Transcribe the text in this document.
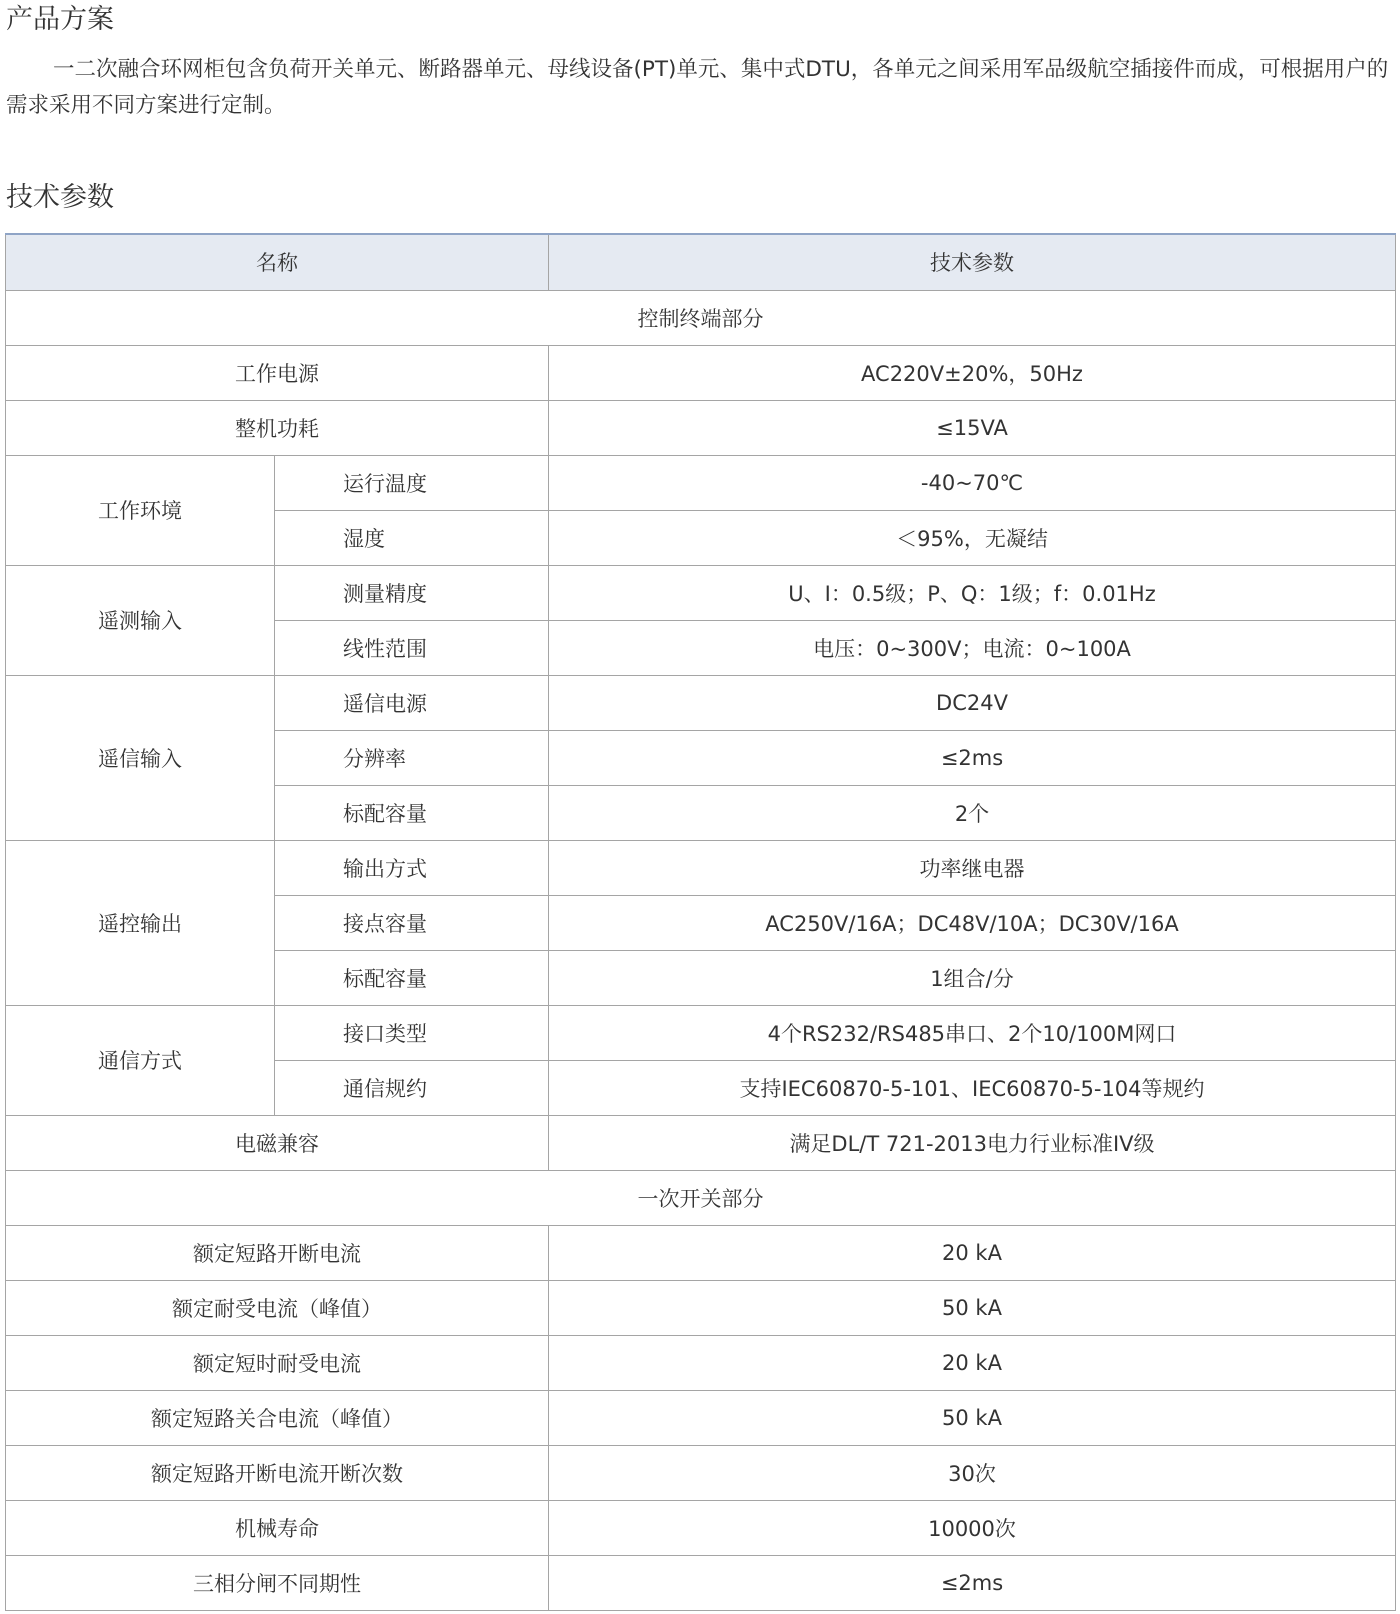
产品方案

一二次融合环网柜包含负荷开关单元、断路器单元、母线设备(PT)单元、集中式DTU，各单元之间采用军品级航空插接件而成，可根据用户的需求采用不同方案进行定制。

技术参数
名称		技术参数
控制终端部分		
工作电源		AC220V±20%，50Hz
整机功耗		≤15VA
工作环境	运行温度	-40~70℃
	湿度	＜95%，无凝结
遥测输入	测量精度	U、I：0.5级；P、Q：1级；f：0.01Hz
	线性范围	电压：0~300V；电流：0~100A
遥信输入	遥信电源	DC24V
	分辨率	≤2ms
	标配容量	2个
遥控输出	输出方式	功率继电器
	接点容量	AC250V/16A；DC48V/10A；DC30V/16A
	标配容量	1组合/分
通信方式	接口类型	4个RS232/RS485串口、2个10/100M网口
	通信规约	支持IEC60870-5-101、IEC60870-5-104等规约
电磁兼容		满足DL/T 721-2013电力行业标准IV级
一次开关部分		
额定短路开断电流		20 kA
额定耐受电流（峰值）		50 kA
额定短时耐受电流		20 kA
额定短路关合电流（峰值）		50 kA
额定短路开断电流开断次数		30次
机械寿命		10000次
三相分闸不同期性		≤2ms
